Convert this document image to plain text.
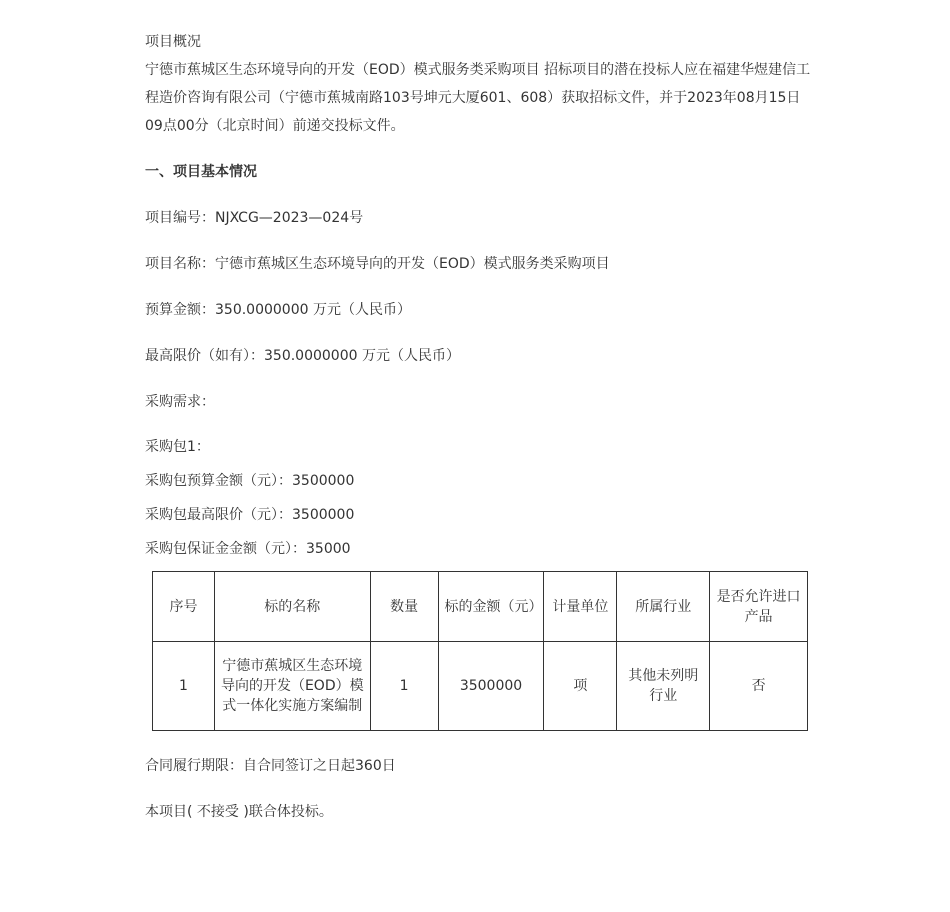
项目概况
宁德市蕉城区生态环境导向的开发（EOD）模式服务类采购项目 招标项目的潜在投标人应在福建华煜建信工程造价咨询有限公司（宁德市蕉城南路103号坤元大厦601、608）获取招标文件，并于2023年08月15日 09点00分（北京时间）前递交投标文件。
一、项目基本情况
项目编号：NJXCG—2023—024号
项目名称：宁德市蕉城区生态环境导向的开发（EOD）模式服务类采购项目
预算金额：350.0000000 万元（人民币）
最高限价（如有）：350.0000000 万元（人民币）
采购需求：
采购包1：
采购包预算金额（元）：3500000
采购包最高限价（元）：3500000
采购包保证金金额（元）：35000
序号	标的名称	数量	标的金额（元）	计量单位	所属行业	是否允许进口产品
1	宁德市蕉城区生态环境导向的开发（EOD）模式一体化实施方案编制	1	3500000	项	其他未列明行业	否
合同履行期限：自合同签订之日起360日
本项目( 不接受 )联合体投标。
